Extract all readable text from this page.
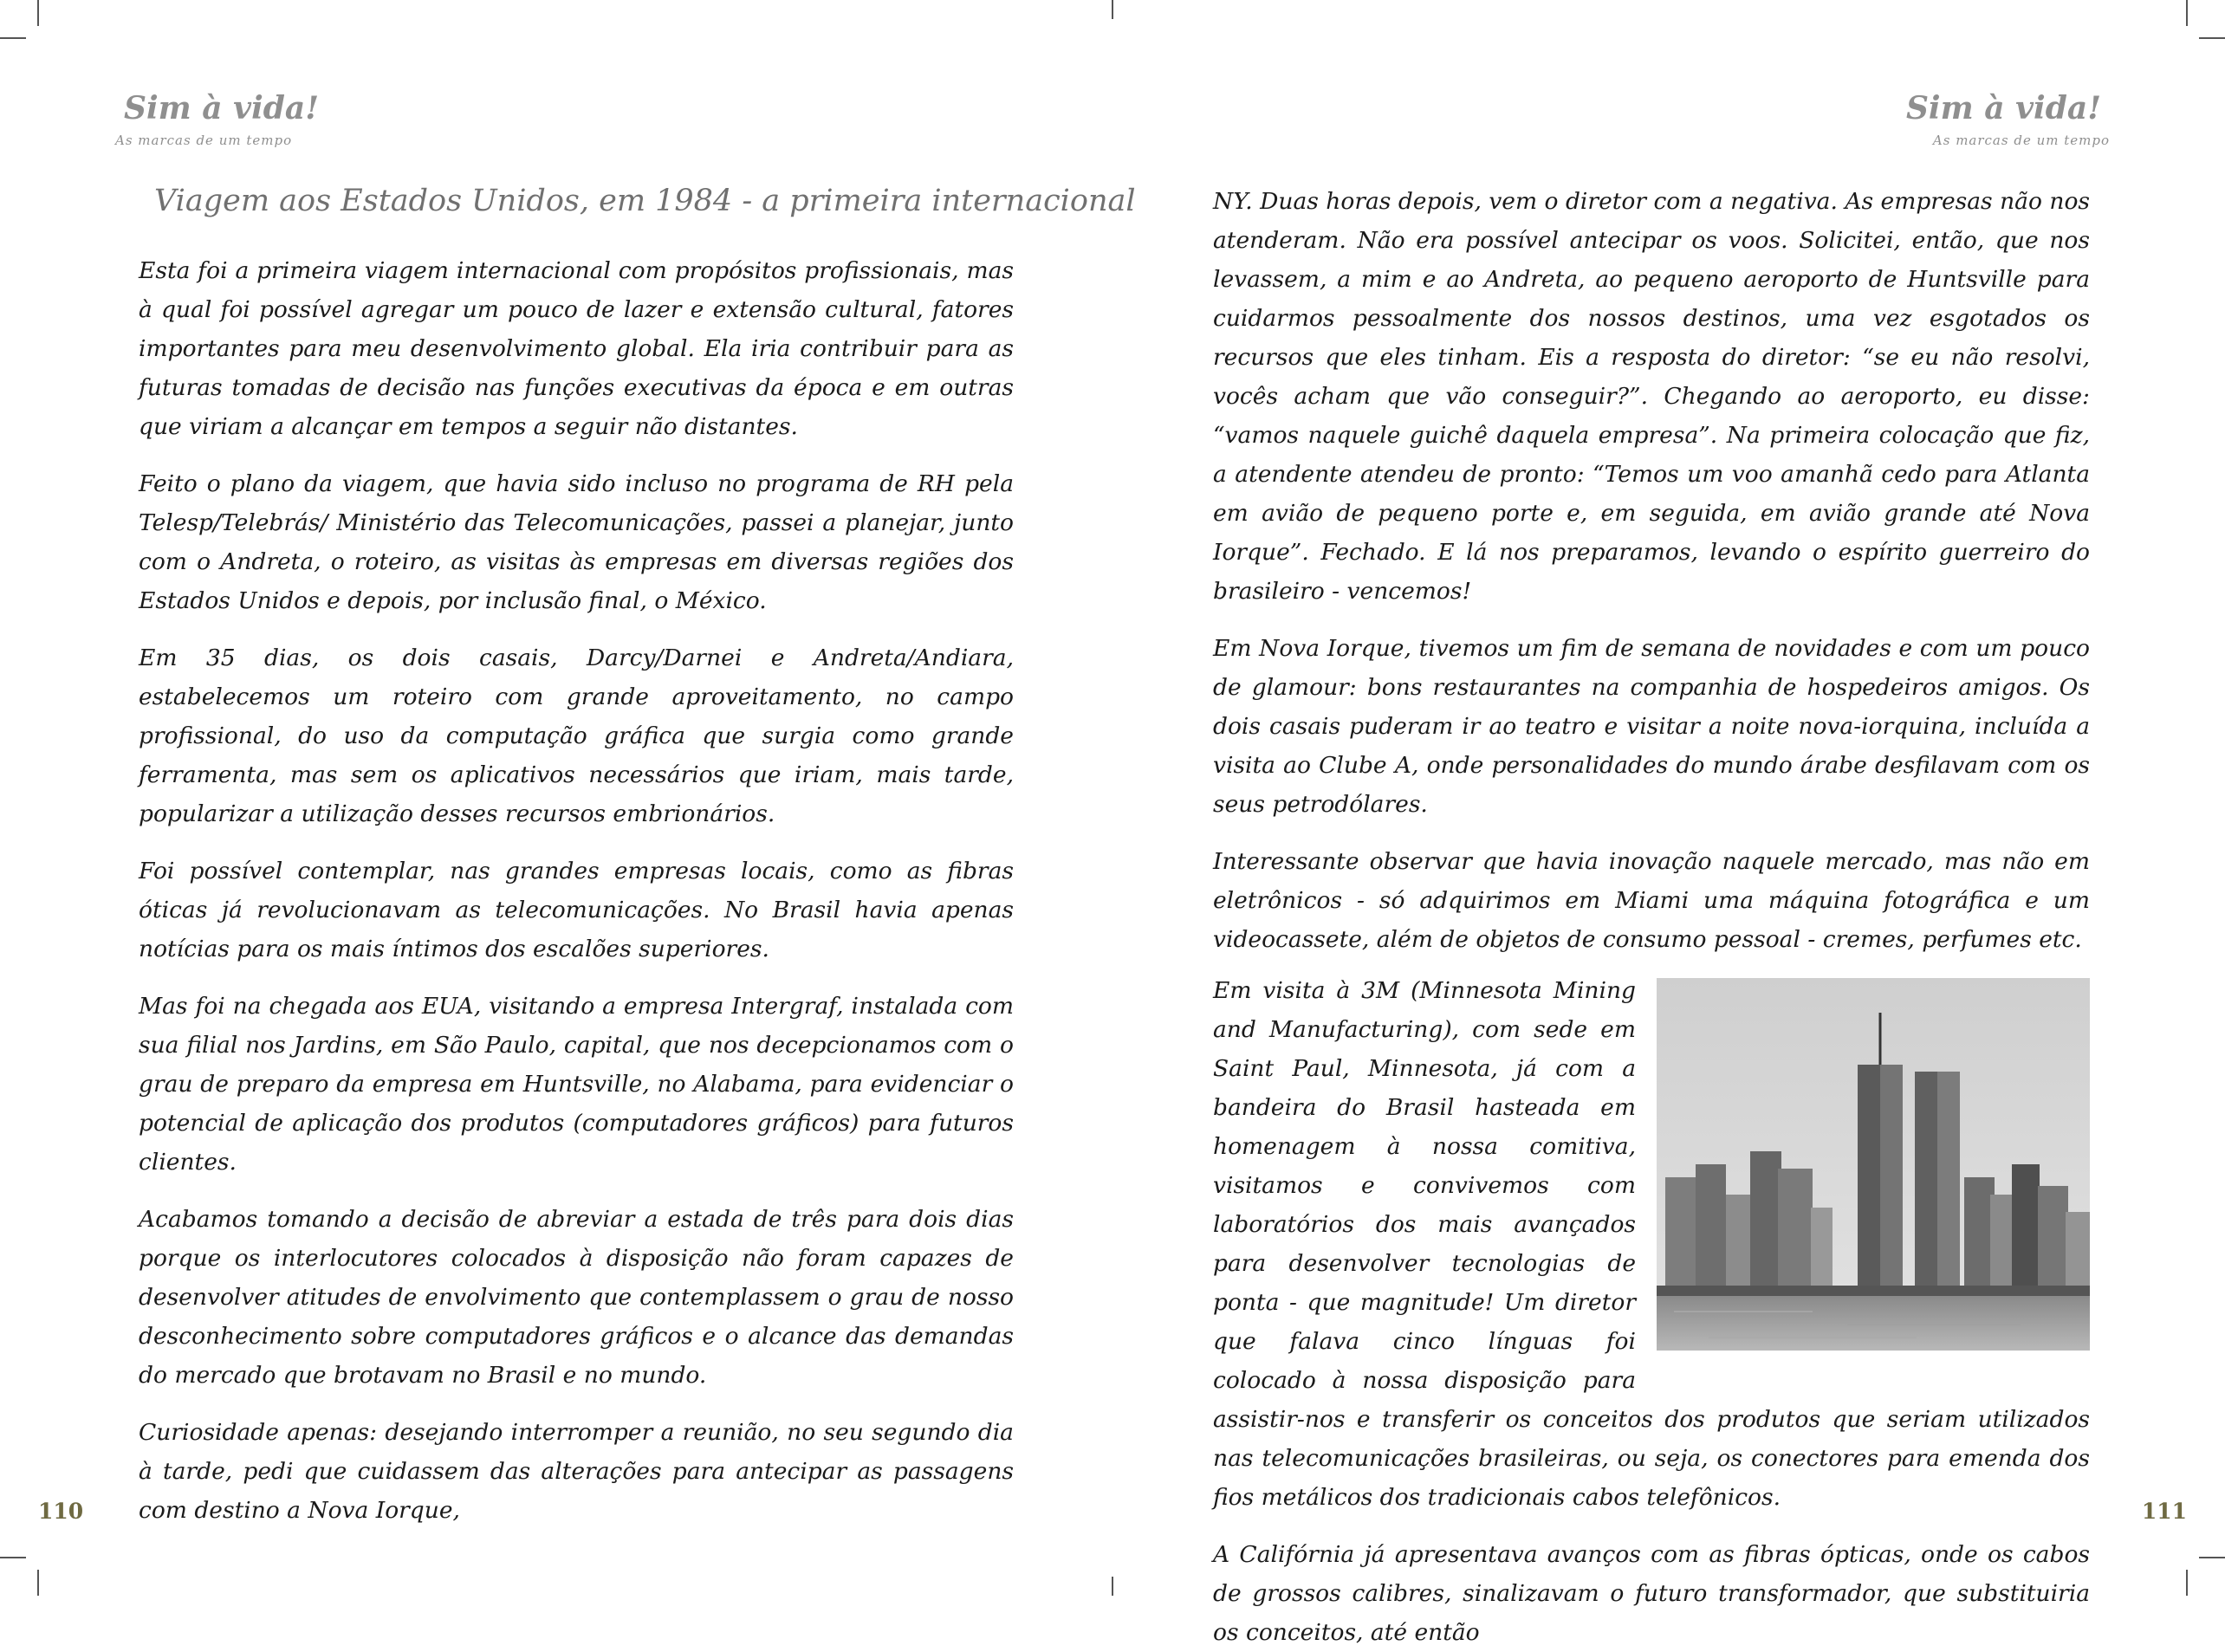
Sim à vida!
As marcas de um tempo
Viagem aos Estados Unidos, em 1984 - a primeira internacional

Esta foi a primeira viagem internacional com propósitos profissionais, mas à qual foi possível agregar um pouco de lazer e extensão cultural, fatores importantes para meu desenvolvimento global. Ela iria contribuir para as futuras tomadas de decisão nas funções executivas da época e em outras que viriam a alcançar em tempos a seguir não distantes.

Feito o plano da viagem, que havia sido incluso no programa de RH pela Telesp/Telebrás/ Ministério das Telecomunicações, passei a planejar, junto com o Andreta, o roteiro, as visitas às empresas em diversas regiões dos Estados Unidos e depois, por inclusão final, o México.

Em 35 dias, os dois casais, Darcy/Darnei e Andreta/Andiara, estabelecemos um roteiro com grande aproveitamento, no campo profissional, do uso da computação gráfica que surgia como grande ferramenta, mas sem os aplicativos necessários que iriam, mais tarde, popularizar a utilização desses recursos embrionários.

Foi possível contemplar, nas grandes empresas locais, como as fibras óticas já revolucionavam as telecomunicações. No Brasil havia apenas notícias para os mais íntimos dos escalões superiores.

Mas foi na chegada aos EUA, visitando a empresa Intergraf, instalada com sua filial nos Jardins, em São Paulo, capital, que nos decepcionamos com o grau de preparo da empresa em Huntsville, no Alabama, para evidenciar o potencial de aplicação dos produtos (computadores gráficos) para futuros clientes.

Acabamos tomando a decisão de abreviar a estada de três para dois dias porque os interlocutores colocados à disposição não foram capazes de desenvolver atitudes de envolvimento que contemplassem o grau de nosso desconhecimento sobre computadores gráficos e o alcance das demandas do mercado que brotavam no Brasil e no mundo.

Curiosidade apenas: desejando interromper a reunião, no seu segundo dia à tarde, pedi que cuidassem das alterações para antecipar as passagens com destino a Nova Iorque,

110
Sim à vida!
As marcas de um tempo

NY. Duas horas depois, vem o diretor com a negativa. As empresas não nos atenderam. Não era possível antecipar os voos. Solicitei, então, que nos levassem, a mim e ao Andreta, ao pequeno aeroporto de Huntsville para cuidarmos pessoalmente dos nossos destinos, uma vez esgotados os recursos que eles tinham. Eis a resposta do diretor: “se eu não resolvi, vocês acham que vão conseguir?”. Chegando ao aeroporto, eu disse: “vamos naquele guichê daquela empresa”. Na primeira colocação que fiz, a atendente atendeu de pronto: “Temos um voo amanhã cedo para Atlanta em avião de pequeno porte e, em seguida, em avião grande até Nova Iorque”. Fechado. E lá nos preparamos, levando o espírito guerreiro do brasileiro - vencemos!

Em Nova Iorque, tivemos um fim de semana de novidades e com um pouco de glamour: bons restaurantes na companhia de hospedeiros amigos. Os dois casais puderam ir ao teatro e visitar a noite nova-iorquina, incluída a visita ao Clube A, onde personalidades do mundo árabe desfilavam com os seus petrodólares.

Interessante observar que havia inovação naquele mercado, mas não em eletrônicos - só adquirimos em Miami uma máquina fotográfica e um videocassete, além de objetos de consumo pessoal - cremes, perfumes etc.

Em visita à 3M (Minnesota Mining and Manufacturing), com sede em Saint Paul, Minnesota, já com a bandeira do Brasil hasteada em homenagem à nossa comitiva, visitamos e convivemos com laboratórios dos mais avançados para desenvolver tecnologias de ponta - que magnitude! Um diretor que falava cinco línguas foi colocado à nossa disposição para assistir-nos e transferir os conceitos dos produtos que seriam utilizados nas telecomunicações brasileiras, ou seja, os conectores para emenda dos fios metálicos dos tradicionais cabos telefônicos.

A Califórnia já apresentava avanços com as fibras ópticas, onde os cabos de grossos calibres, sinalizavam o futuro transformador, que substituiria os conceitos, até então

111
